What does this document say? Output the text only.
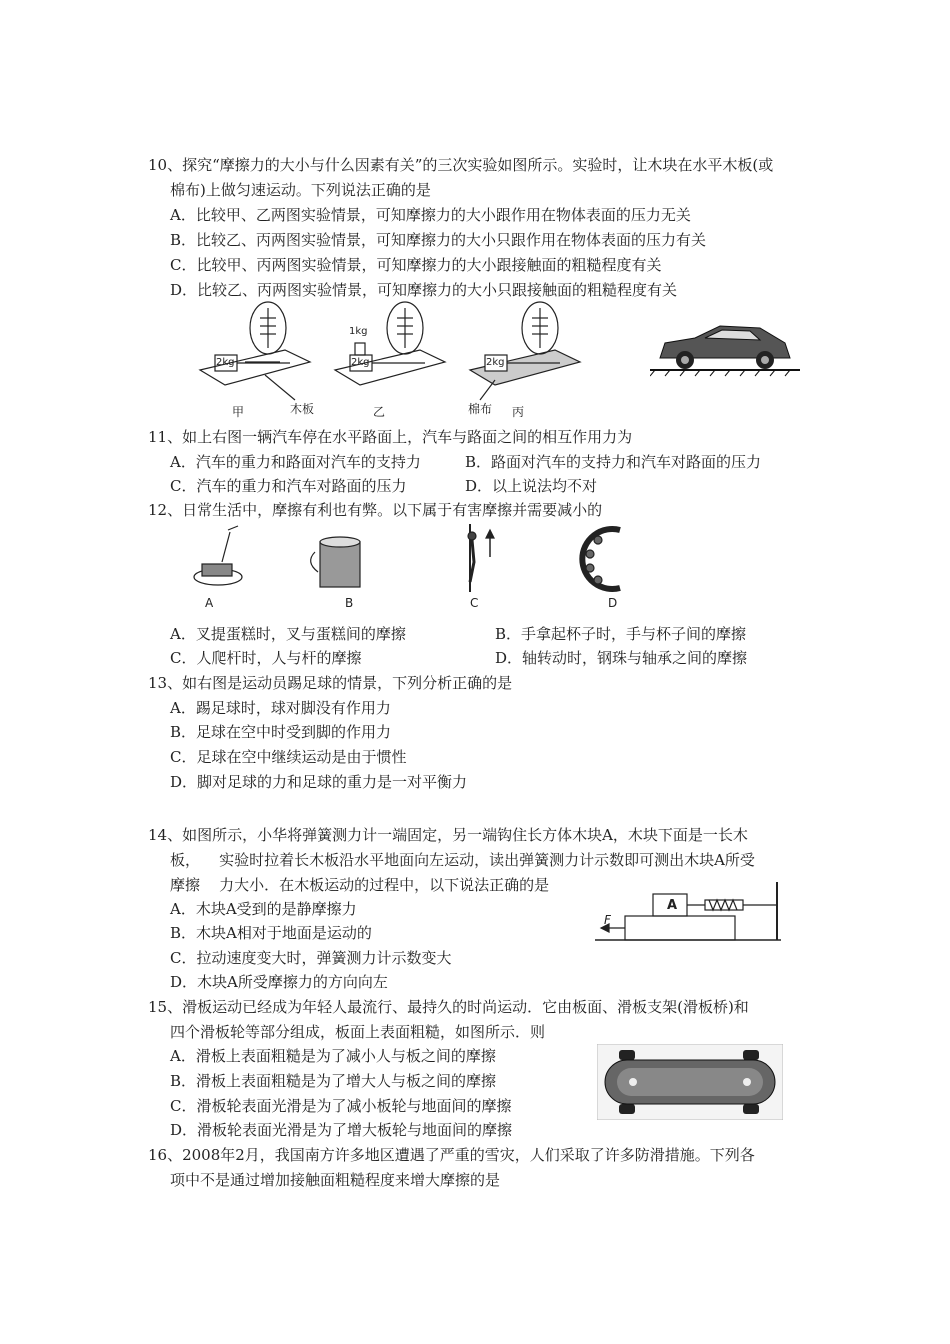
10、探究“摩擦力的大小与什么因素有关”的三次实验如图所示。实验时，让木块在水平木板(或
棉布)上做匀速运动。下列说法正确的是
A．比较甲、乙两图实验情景，可知摩擦力的大小跟作用在物体表面的压力无关
B．比较乙、丙两图实验情景，可知摩擦力的大小只跟作用在物体表面的压力有关
C．比较甲、丙两图实验情景，可知摩擦力的大小跟接触面的粗糙程度有关
D．比较乙、丙两图实验情景，可知摩擦力的大小只跟接触面的粗糙程度有关
甲	木板	乙	棉布 丙
1kg
2kg	2kg	2kg
11、如上右图一辆汽车停在水平路面上，汽车与路面之间的相互作用力为
A．汽车的重力和路面对汽车的支持力	B．路面对汽车的支持力和汽车对路面的压力
C．汽车的重力和汽车对路面的压力	D．以上说法均不对
12、日常生活中，摩擦有利也有弊。以下属于有害摩擦并需要减小的
A	B	C	D
A．叉提蛋糕时，叉与蛋糕间的摩擦	B．手拿起杯子时，手与杯子间的摩擦
C．人爬杆时，人与杆的摩擦	D．轴转动时，钢珠与轴承之间的摩擦
13、如右图是运动员踢足球的情景，下列分析正确的是
A．踢足球时，球对脚没有作用力
B．足球在空中时受到脚的作用力
C．足球在空中继续运动是由于惯性
D．脚对足球的力和足球的重力是一对平衡力
14、如图所示，小华将弹簧测力计一端固定，另一端钩住长方体木块A，木块下面是一长木
板，    实验时拉着长木板沿水平地面向左运动，读出弹簧测力计示数即可测出木块A所受
摩擦    力大小．在木板运动的过程中，以下说法正确的是
A．木块A受到的是静摩擦力
B．木块A相对于地面是运动的
C．拉动速度变大时，弹簧测力计示数变大
D．木块A所受摩擦力的方向向左
A
F
15、滑板运动已经成为年轻人最流行、最持久的时尚运动．它由板面、滑板支架(滑板桥)和
四个滑板轮等部分组成，板面上表面粗糙，如图所示．则
A．滑板上表面粗糙是为了减小人与板之间的摩擦
B．滑板上表面粗糙是为了增大人与板之间的摩擦
C．滑板轮表面光滑是为了减小板轮与地面间的摩擦
D．滑板轮表面光滑是为了增大板轮与地面间的摩擦
16、2008年2月，我国南方许多地区遭遇了严重的雪灾，人们采取了许多防滑措施。下列各
项中不是通过增加接触面粗糙程度来增大摩擦的是
